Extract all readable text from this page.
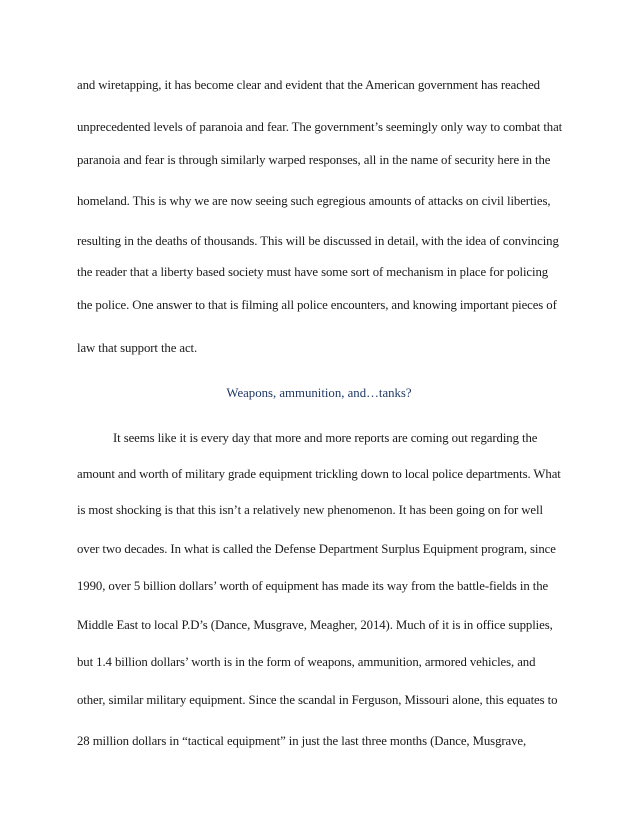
and wiretapping, it has become clear and evident that the American government has reached
unprecedented levels of paranoia and fear. The government’s seemingly only way to combat that
paranoia and fear is through similarly warped responses, all in the name of security here in the
homeland. This is why we are now seeing such egregious amounts of attacks on civil liberties,
resulting in the deaths of thousands. This will be discussed in detail, with the idea of convincing
the reader that a liberty based society must have some sort of mechanism in place for policing
the police. One answer to that is filming all police encounters, and knowing important pieces of
law that support the act.
Weapons, ammunition, and…tanks?
It seems like it is every day that more and more reports are coming out regarding the
amount and worth of military grade equipment trickling down to local police departments. What
is most shocking is that this isn’t a relatively new phenomenon. It has been going on for well
over two decades. In what is called the Defense Department Surplus Equipment program, since
1990, over 5 billion dollars’ worth of equipment has made its way from the battle-fields in the
Middle East to local P.D’s (Dance, Musgrave, Meagher, 2014). Much of it is in office supplies,
but 1.4 billion dollars’ worth is in the form of weapons, ammunition, armored vehicles, and
other, similar military equipment. Since the scandal in Ferguson, Missouri alone, this equates to
28 million dollars in “tactical equipment” in just the last three months (Dance, Musgrave,
